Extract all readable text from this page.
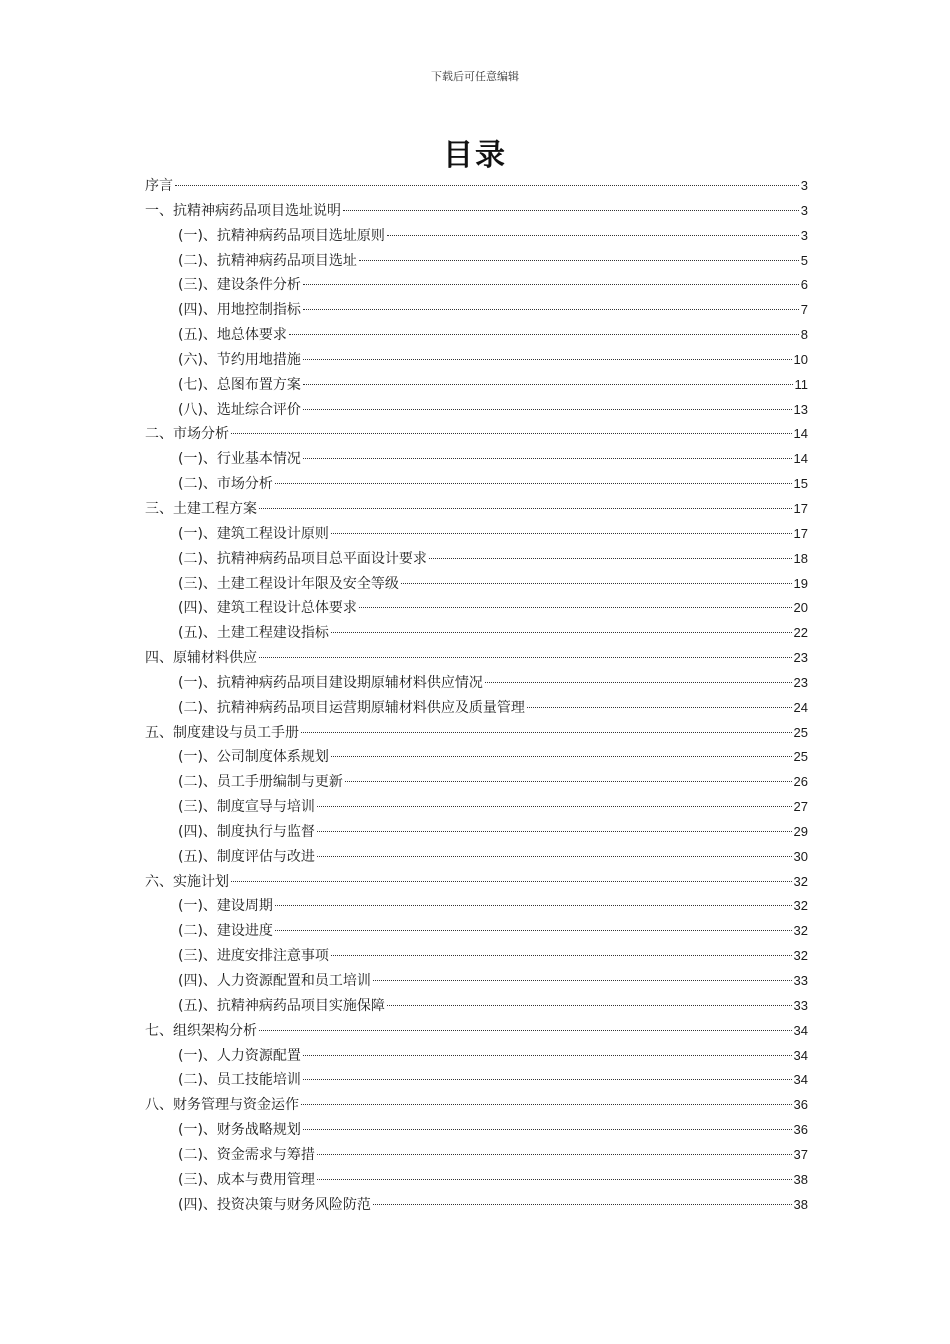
下载后可任意编辑
目录
序言	3
一、抗精神病药品项目选址说明	3
(一)、抗精神病药品项目选址原则	3
(二)、抗精神病药品项目选址	5
(三)、建设条件分析	6
(四)、用地控制指标	7
(五)、地总体要求	8
(六)、节约用地措施	10
(七)、总图布置方案	11
(八)、选址综合评价	13
二、市场分析	14
(一)、行业基本情况	14
(二)、市场分析	15
三、土建工程方案	17
(一)、建筑工程设计原则	17
(二)、抗精神病药品项目总平面设计要求	18
(三)、土建工程设计年限及安全等级	19
(四)、建筑工程设计总体要求	20
(五)、土建工程建设指标	22
四、原辅材料供应	23
(一)、抗精神病药品项目建设期原辅材料供应情况	23
(二)、抗精神病药品项目运营期原辅材料供应及质量管理	24
五、制度建设与员工手册	25
(一)、公司制度体系规划	25
(二)、员工手册编制与更新	26
(三)、制度宣导与培训	27
(四)、制度执行与监督	29
(五)、制度评估与改进	30
六、实施计划	32
(一)、建设周期	32
(二)、建设进度	32
(三)、进度安排注意事项	32
(四)、人力资源配置和员工培训	33
(五)、抗精神病药品项目实施保障	33
七、组织架构分析	34
(一)、人力资源配置	34
(二)、员工技能培训	34
八、财务管理与资金运作	36
(一)、财务战略规划	36
(二)、资金需求与筹措	37
(三)、成本与费用管理	38
(四)、投资决策与财务风险防范	38
